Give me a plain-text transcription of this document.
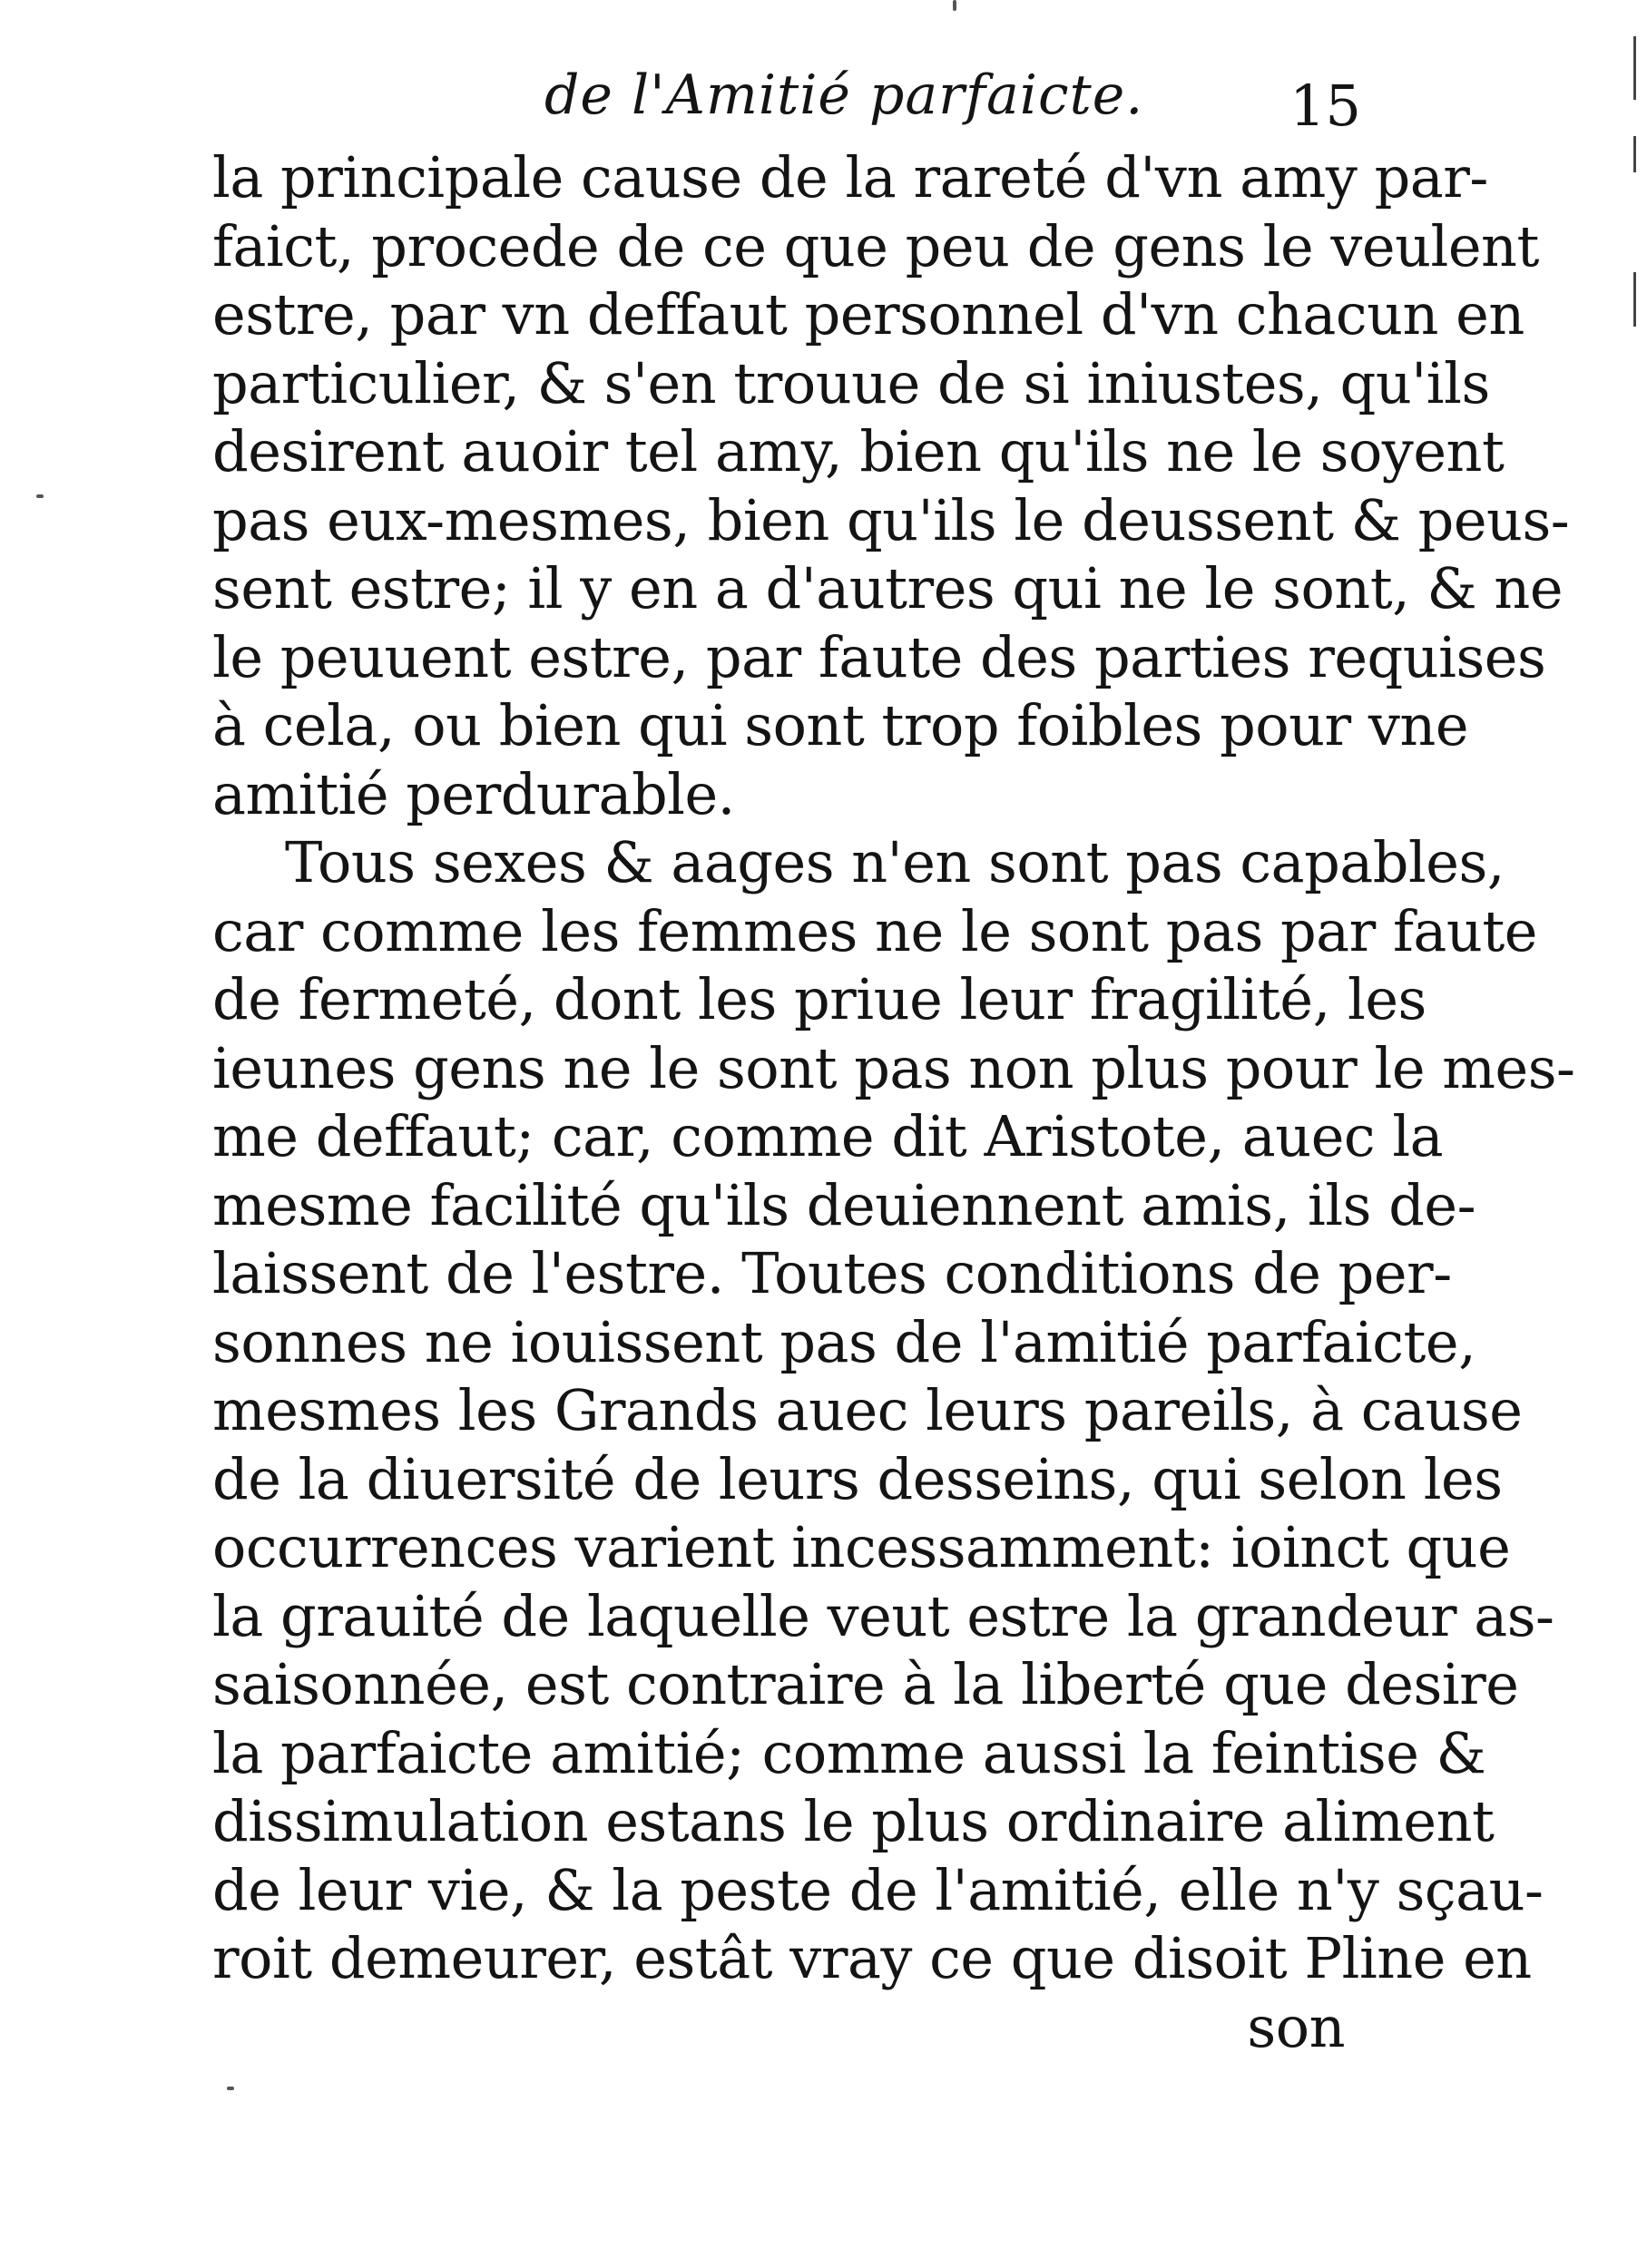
de l'Amitié parfaicte.	15
la principale cause de la rareté d'vn amy par-
faict, procede de ce que peu de gens le veulent
estre, par vn deffaut personnel d'vn chacun en
particulier, & s'en trouue de si iniustes, qu'ils
desirent auoir tel amy, bien qu'ils ne le soyent
pas eux-mesmes, bien qu'ils le deussent & peus-
sent estre; il y en a d'autres qui ne le sont, & ne
le peuuent estre, par faute des parties requises
à cela, ou bien qui sont trop foibles pour vne
amitié perdurable.
Tous sexes & aages n'en sont pas capables,
car comme les femmes ne le sont pas par faute
de fermeté, dont les priue leur fragilité, les
ieunes gens ne le sont pas non plus pour le mes-
me deffaut; car, comme dit Aristote, auec la
mesme facilité qu'ils deuiennent amis, ils de-
laissent de l'estre. Toutes conditions de per-
sonnes ne iouissent pas de l'amitié parfaicte,
mesmes les Grands auec leurs pareils, à cause
de la diuersité de leurs desseins, qui selon les
occurrences varient incessamment: ioinct que
la grauité de laquelle veut estre la grandeur as-
saisonnée, est contraire à la liberté que desire
la parfaicte amitié; comme aussi la feintise &
dissimulation estans le plus ordinaire aliment
de leur vie, & la peste de l'amitié, elle n'y sçau-
roit demeurer, estât vray ce que disoit Pline en
son
